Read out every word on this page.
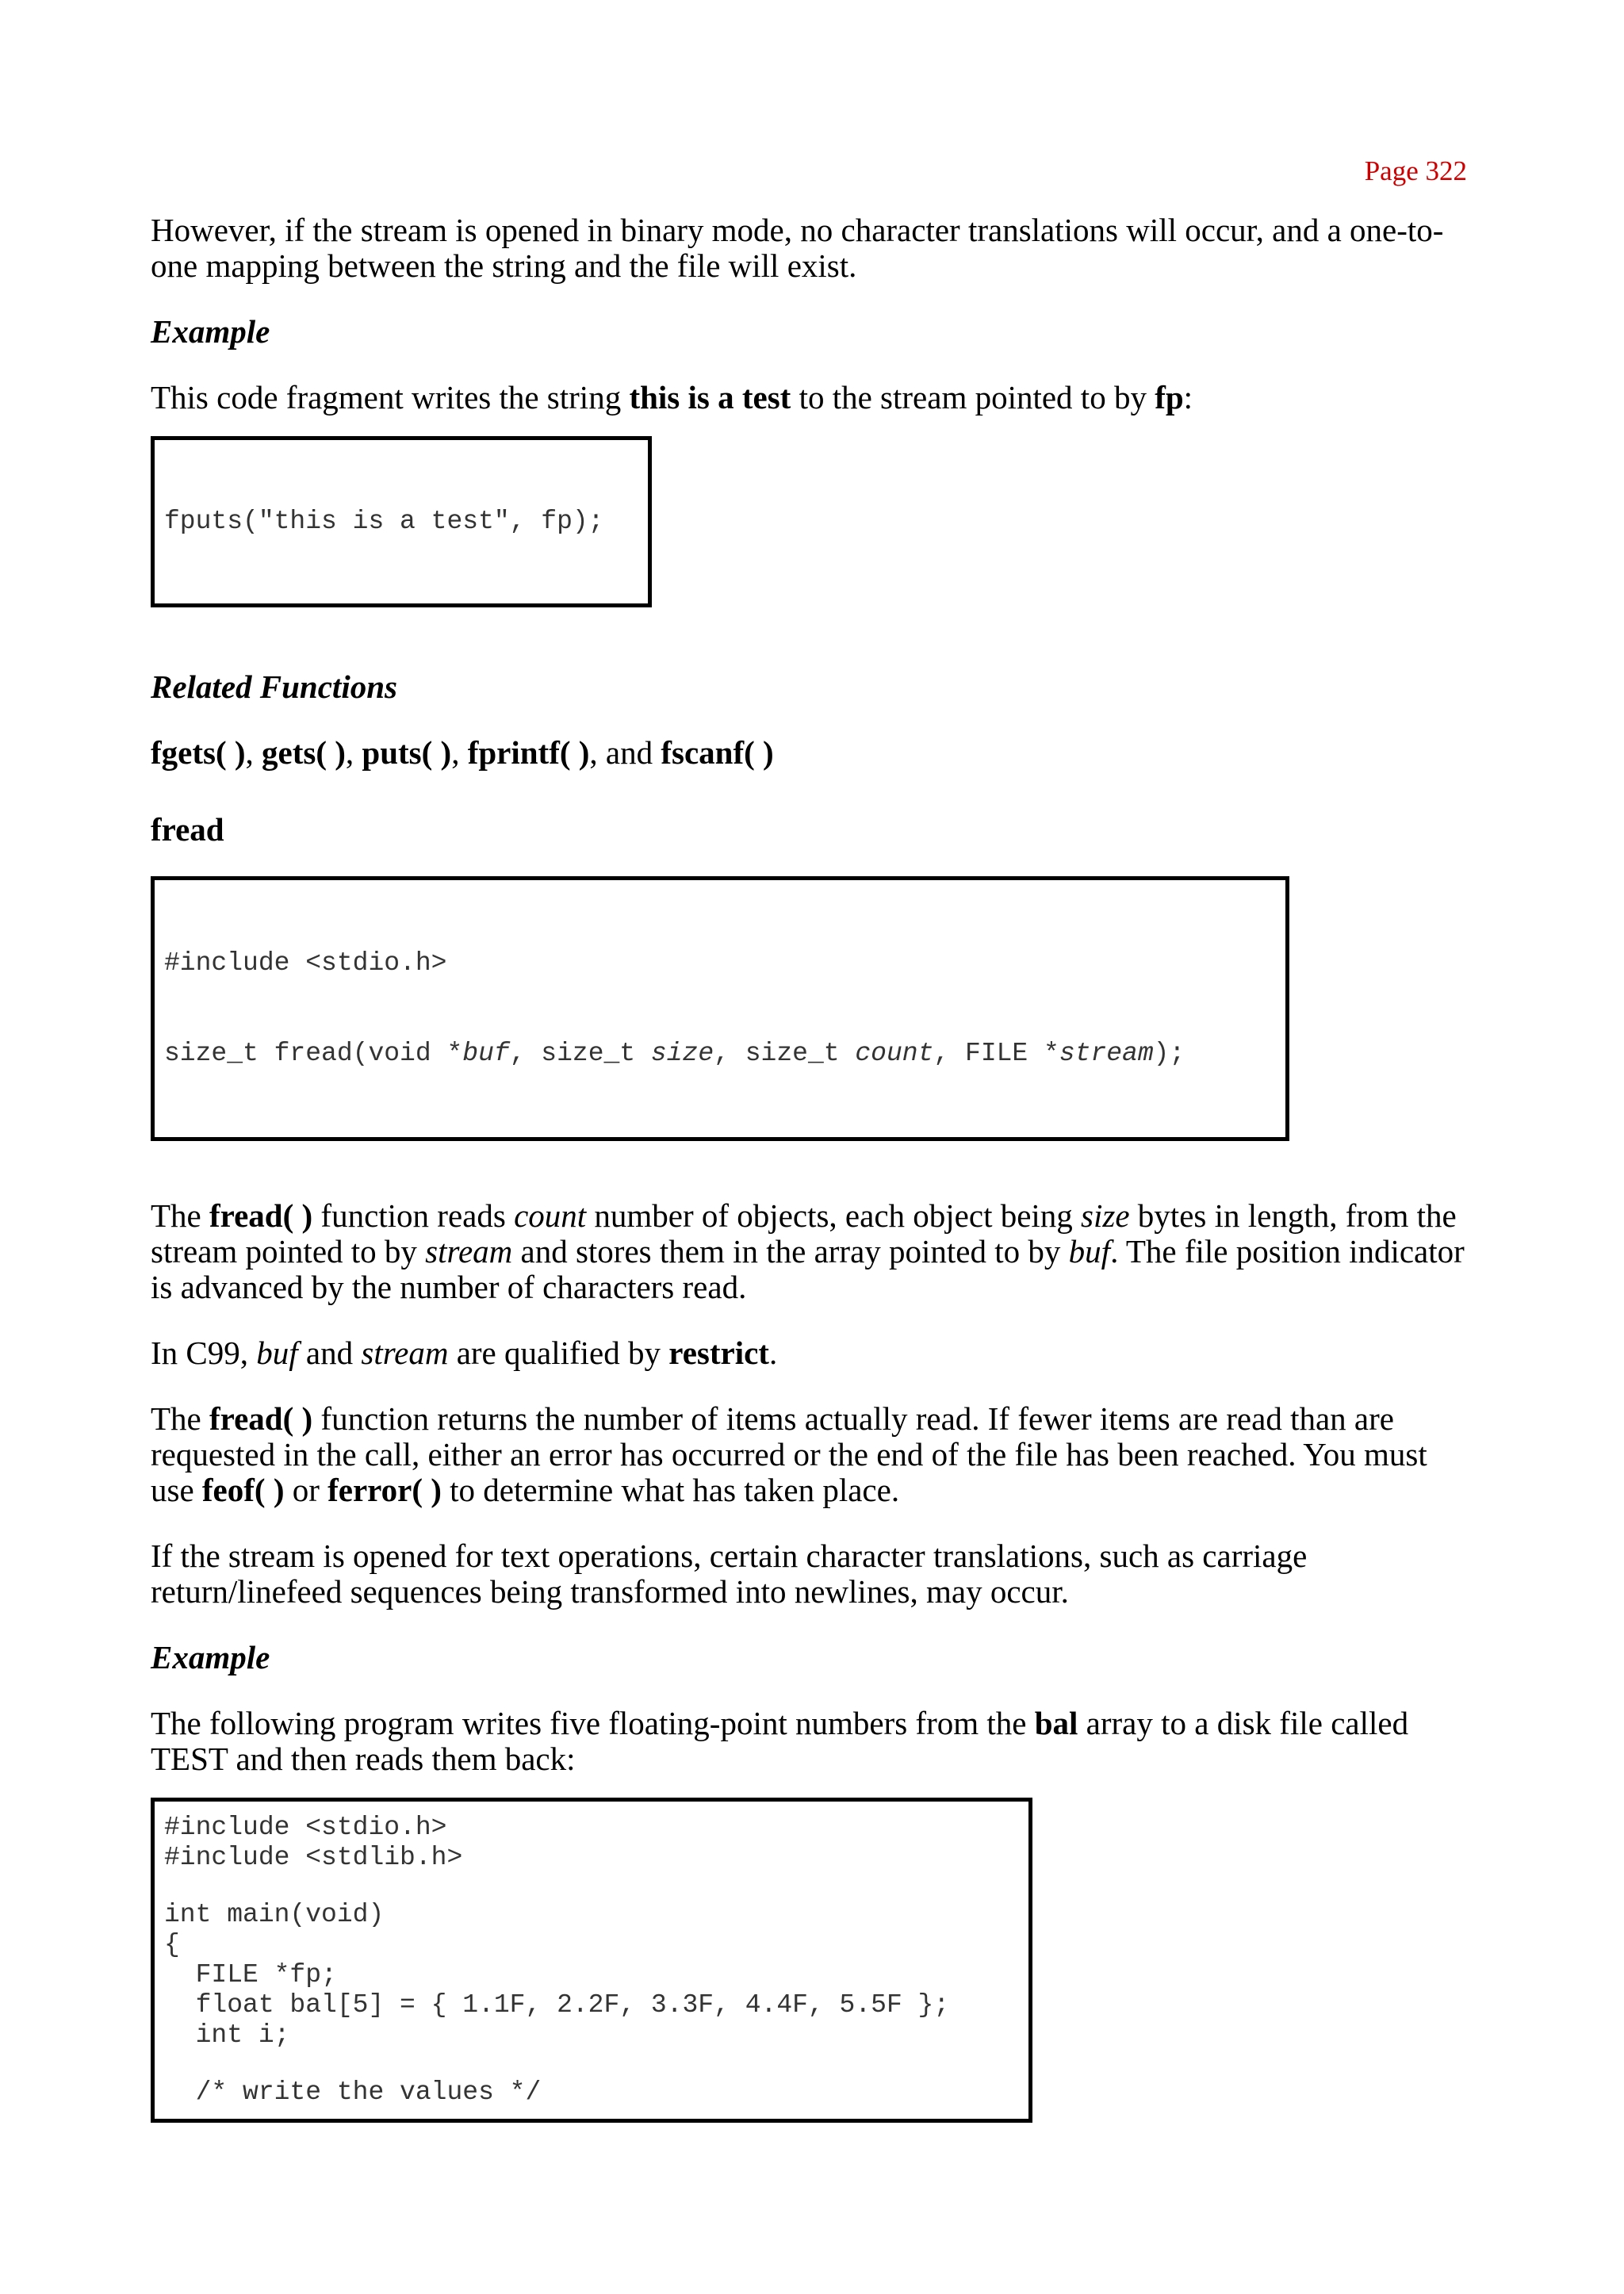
Page 322

However, if the stream is opened in binary mode, no character translations will occur, and a one-to-one mapping between the string and the file will exist.

Example

This code fragment writes the string this is a test to the stream pointed to by fp:

fputs("this is a test", fp);

Related Functions

fgets( ), gets( ), puts( ), fprintf( ), and fscanf( )

fread

#include <stdio.h>

size_t fread(void *buf, size_t size, size_t count, FILE *stream);

The fread( ) function reads count number of objects, each object being size bytes in length, from the stream pointed to by stream and stores them in the array pointed to by buf. The file position indicator is advanced by the number of characters read.

In C99, buf and stream are qualified by restrict.

The fread( ) function returns the number of items actually read. If fewer items are read than are requested in the call, either an error has occurred or the end of the file has been reached. You must use feof( ) or ferror( ) to determine what has taken place.

If the stream is opened for text operations, certain character translations, such as carriage return/linefeed sequences being transformed into newlines, may occur.

Example

The following program writes five floating-point numbers from the bal array to a disk file called TEST and then reads them back:

#include <stdio.h>
#include <stdlib.h>
int main(void)
{
FILE *fp;
float bal[5] = { 1.1F, 2.2F, 3.3F, 4.4F, 5.5F };
int i;
/* write the values */
